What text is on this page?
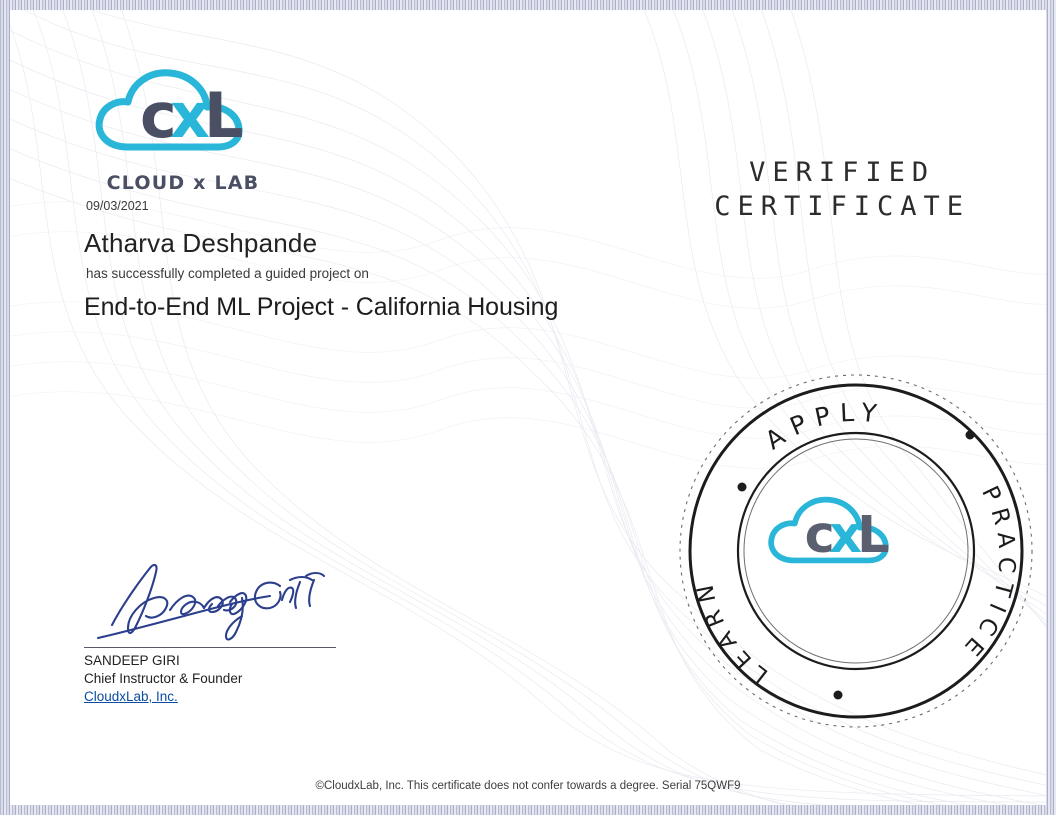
c
x
L
CLOUD x LAB
09/03/2021
Atharva Deshpande
has successfully completed a guided project on
End-to-End ML Project - California Housing
VERIFIED
CERTIFICATE
SANDEEP GIRI
Chief Instructor & Founder
CloudxLab, Inc.
APPLY
PRACTICE
LEARN
c
x
L
©CloudxLab, Inc. This certificate does not confer towards a degree. Serial 75QWF9
